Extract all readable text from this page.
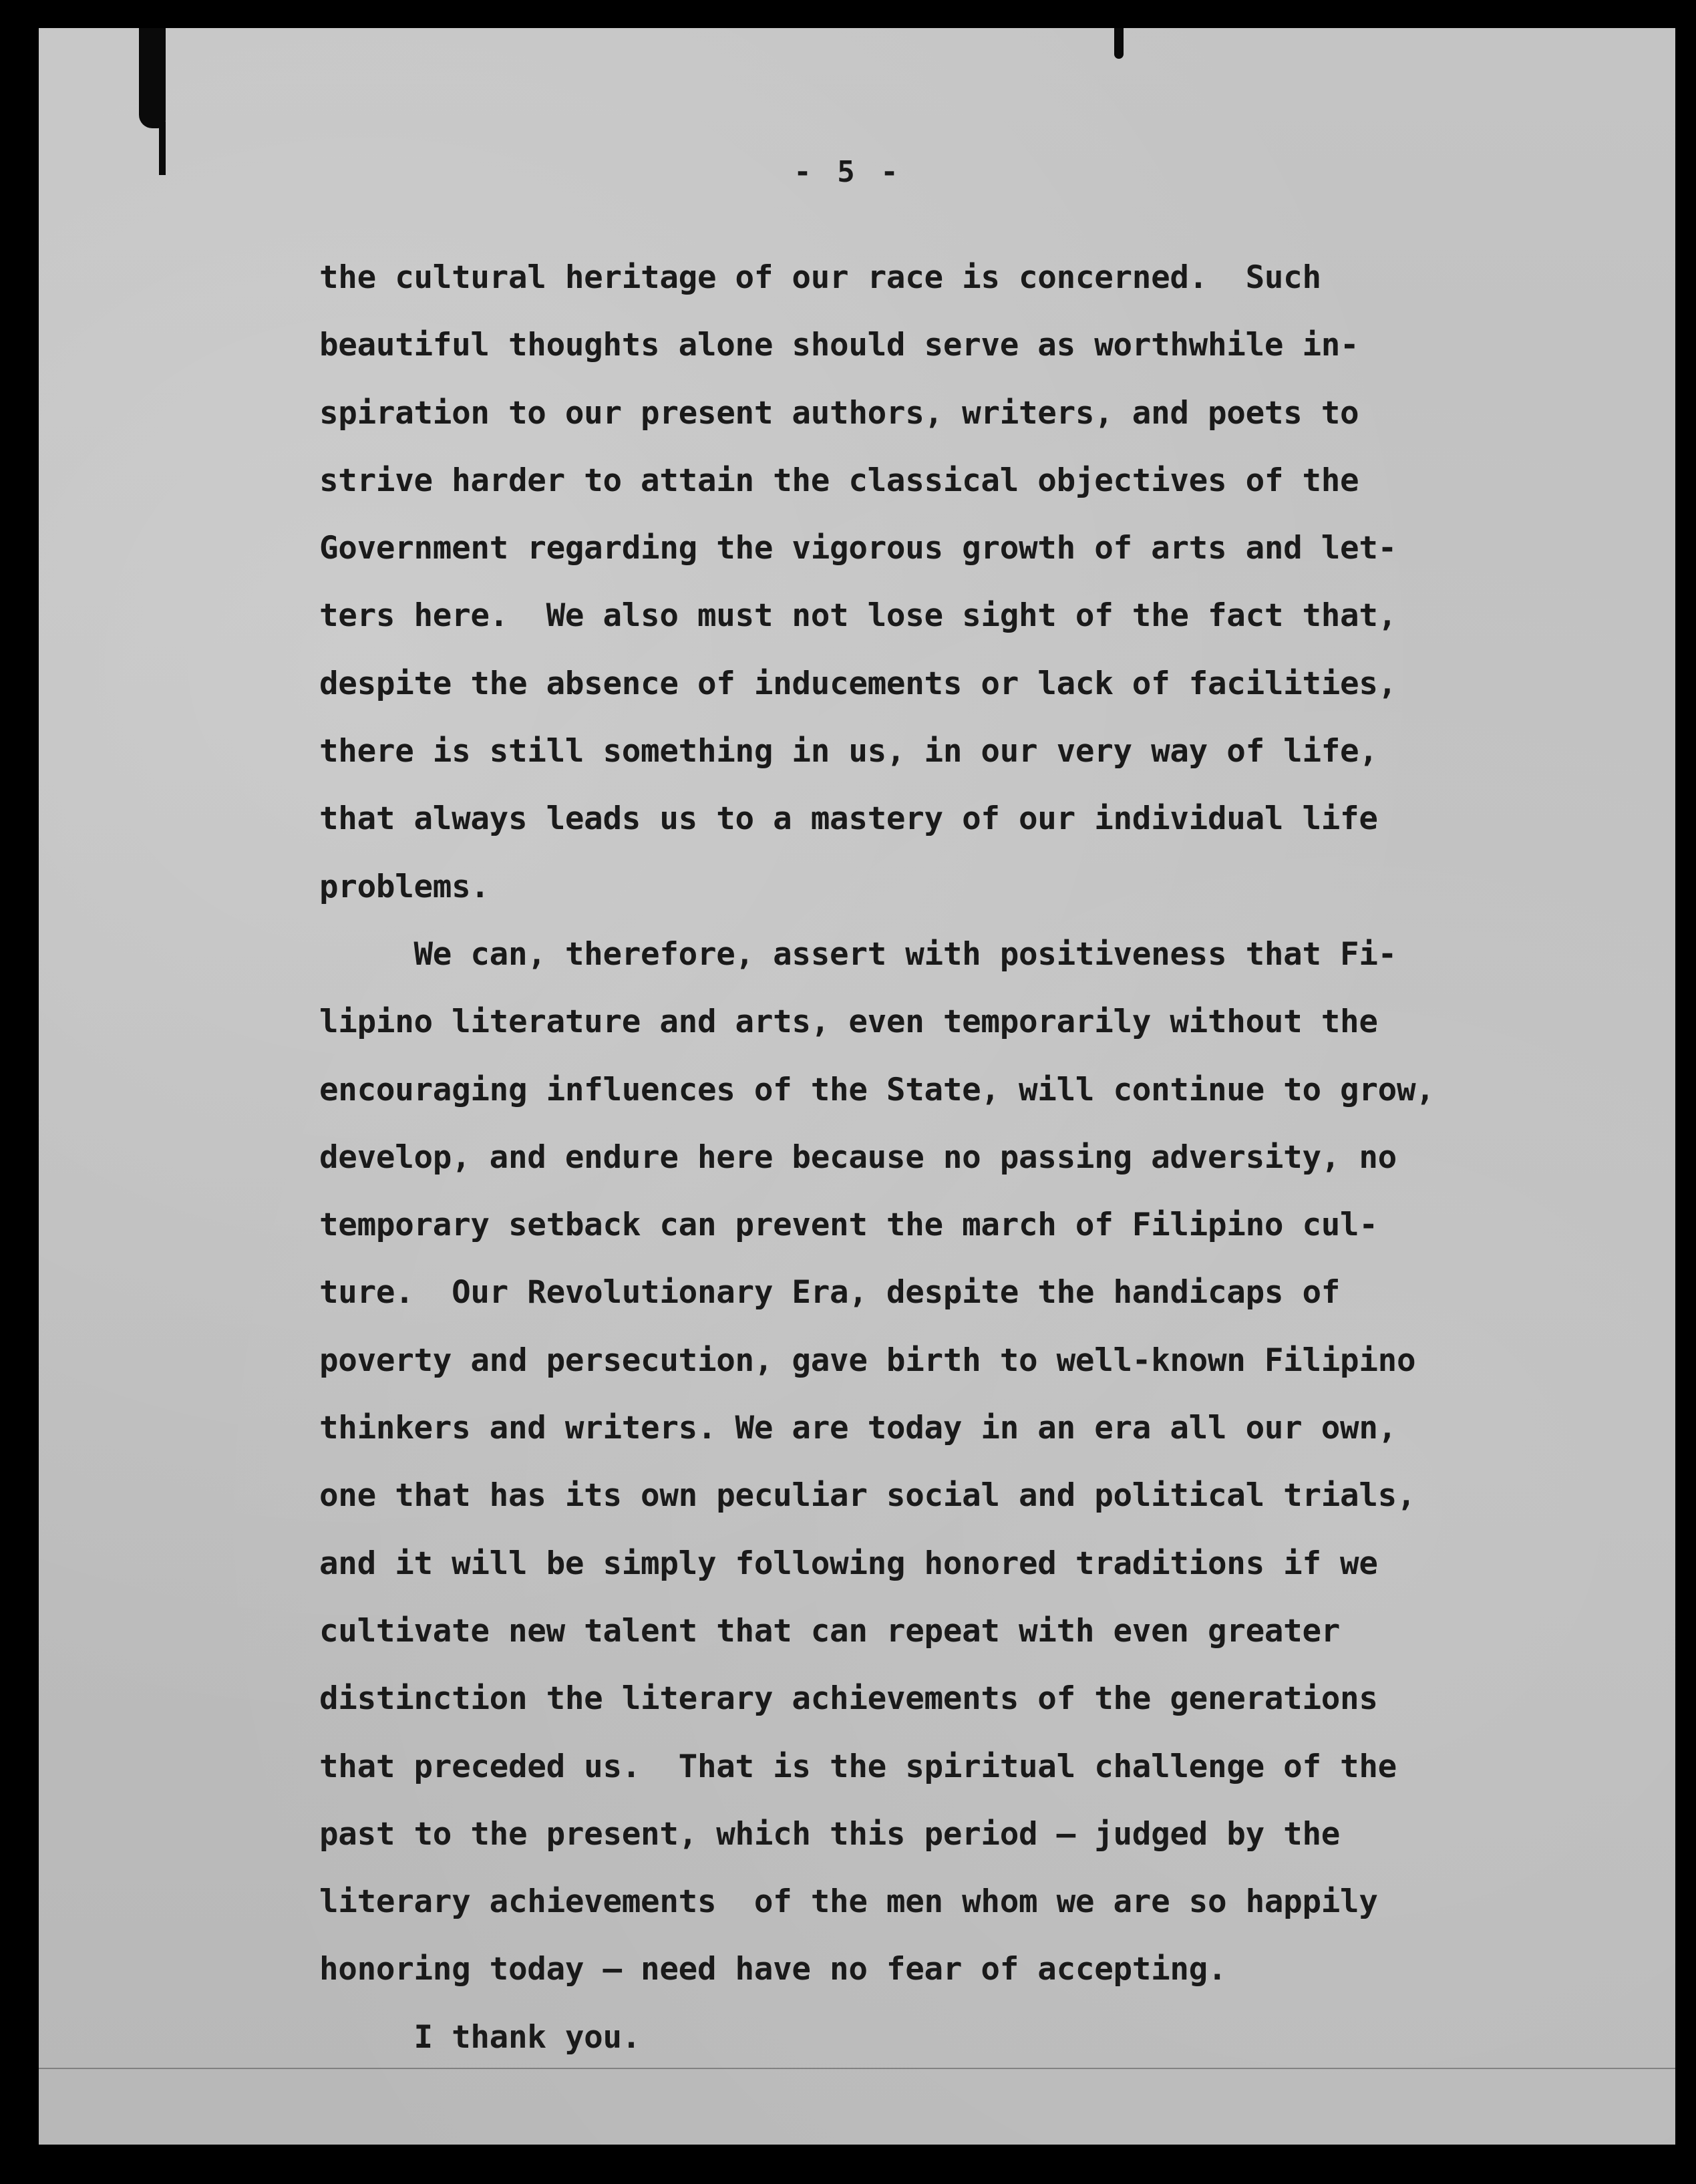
- 5 -
the cultural heritage of our race is concerned.  Such
beautiful thoughts alone should serve as worthwhile in-
spiration to our present authors, writers, and poets to
strive harder to attain the classical objectives of the
Government regarding the vigorous growth of arts and let-
ters here.  We also must not lose sight of the fact that,
despite the absence of inducements or lack of facilities,
there is still something in us, in our very way of life,
that always leads us to a mastery of our individual life
problems.
We can, therefore, assert with positiveness that Fi-
lipino literature and arts, even temporarily without the
encouraging influences of the State, will continue to grow,
develop, and endure here because no passing adversity, no
temporary setback can prevent the march of Filipino cul-
ture.  Our Revolutionary Era, despite the handicaps of
poverty and persecution, gave birth to well-known Filipino
thinkers and writers. We are today in an era all our own,
one that has its own peculiar social and political trials,
and it will be simply following honored traditions if we
cultivate new talent that can repeat with even greater
distinction the literary achievements of the generations
that preceded us.  That is the spiritual challenge of the
past to the present, which this period — judged by the
literary achievements  of the men whom we are so happily
honoring today — need have no fear of accepting.
I thank you.
